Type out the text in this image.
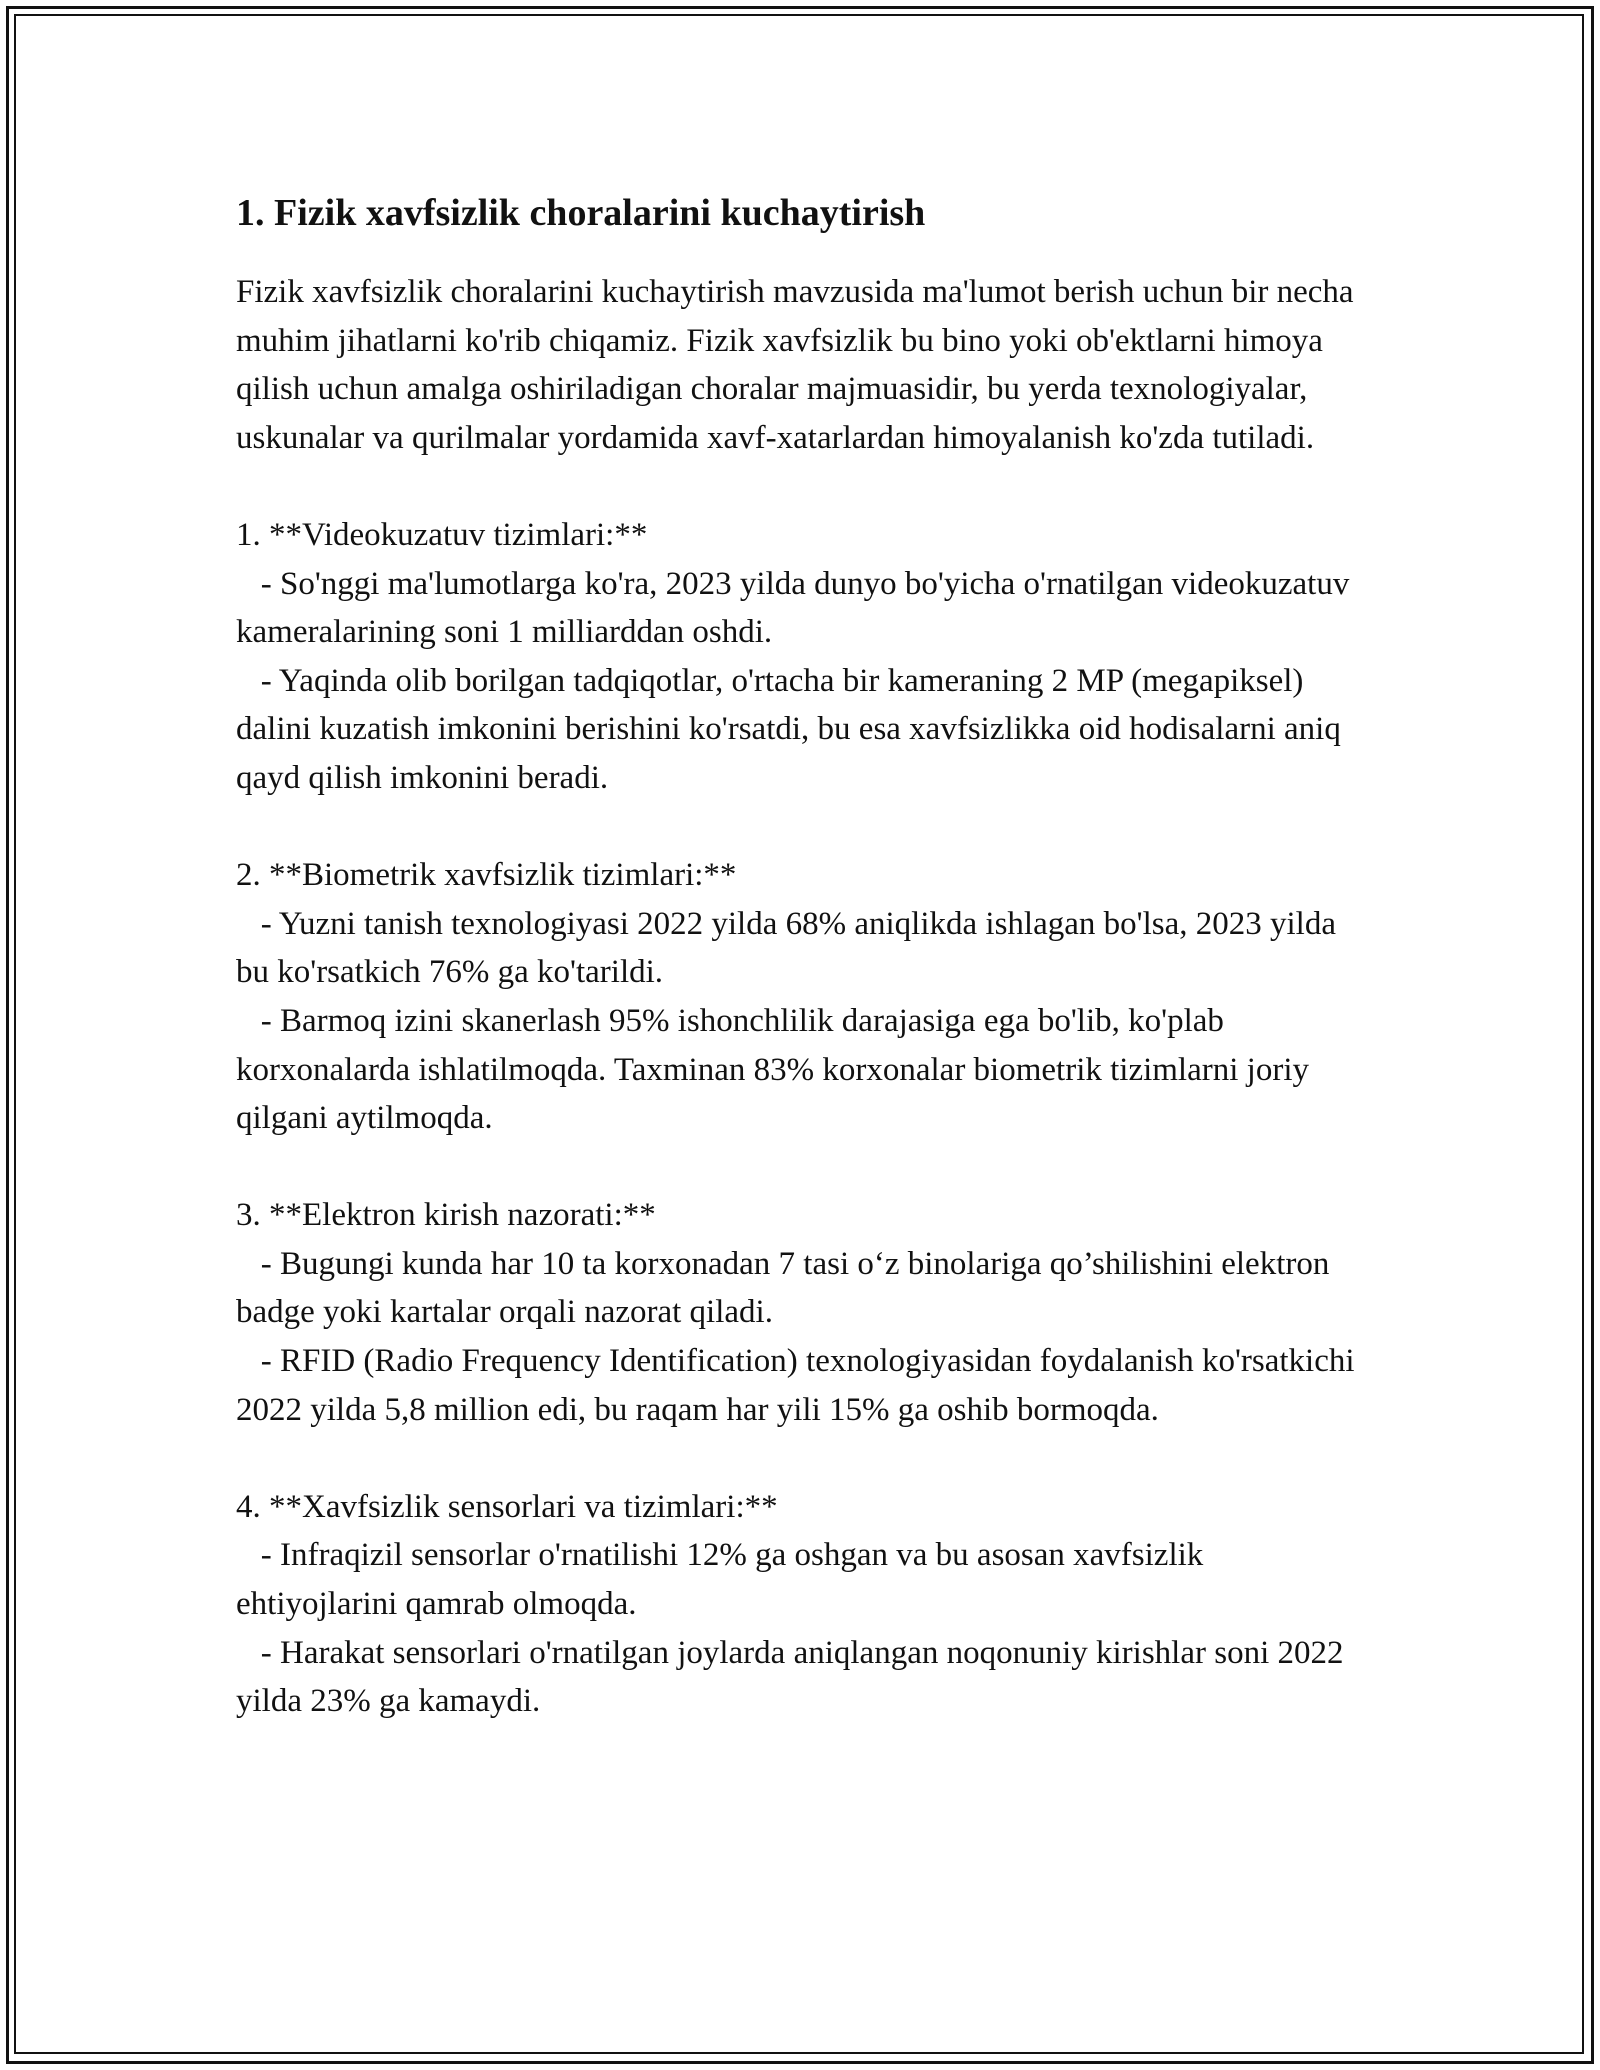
1. Fizik xavfsizlik choralarini kuchaytirish

Fizik xavfsizlik choralarini kuchaytirish mavzusida ma'lumot berish uchun bir necha muhim jihatlarni ko'rib chiqamiz. Fizik xavfsizlik bu bino yoki ob'ektlarni himoya qilish uchun amalga oshiriladigan choralar majmuasidir, bu yerda texnologiyalar, uskunalar va qurilmalar yordamida xavf-xatarlardan himoyalanish ko'zda tutiladi.

1. **Videokuzatuv tizimlari:**

- So'nggi ma'lumotlarga ko'ra, 2023 yilda dunyo bo'yicha o'rnatilgan videokuzatuv kameralarining soni 1 milliarddan oshdi.

- Yaqinda olib borilgan tadqiqotlar, o'rtacha bir kameraning 2 MP (megapiksel) dalini kuzatish imkonini berishini ko'rsatdi, bu esa xavfsizlikka oid hodisalarni aniq qayd qilish imkonini beradi.

2. **Biometrik xavfsizlik tizimlari:**

- Yuzni tanish texnologiyasi 2022 yilda 68% aniqlikda ishlagan bo'lsa, 2023 yilda bu ko'rsatkich 76% ga ko'tarildi.

- Barmoq izini skanerlash 95% ishonchlilik darajasiga ega bo'lib, ko'plab korxonalarda ishlatilmoqda. Taxminan 83% korxonalar biometrik tizimlarni joriy qilgani aytilmoqda.

3. **Elektron kirish nazorati:**

- Bugungi kunda har 10 ta korxonadan 7 tasi o‘z binolariga qo’shilishini elektron badge yoki kartalar orqali nazorat qiladi.

- RFID (Radio Frequency Identification) texnologiyasidan foydalanish ko'rsatkichi 2022 yilda 5,8 million edi, bu raqam har yili 15% ga oshib bormoqda.

4. **Xavfsizlik sensorlari va tizimlari:**

- Infraqizil sensorlar o'rnatilishi 12% ga oshgan va bu asosan xavfsizlik ehtiyojlarini qamrab olmoqda.

- Harakat sensorlari o'rnatilgan joylarda aniqlangan noqonuniy kirishlar soni 2022 yilda 23% ga kamaydi.
